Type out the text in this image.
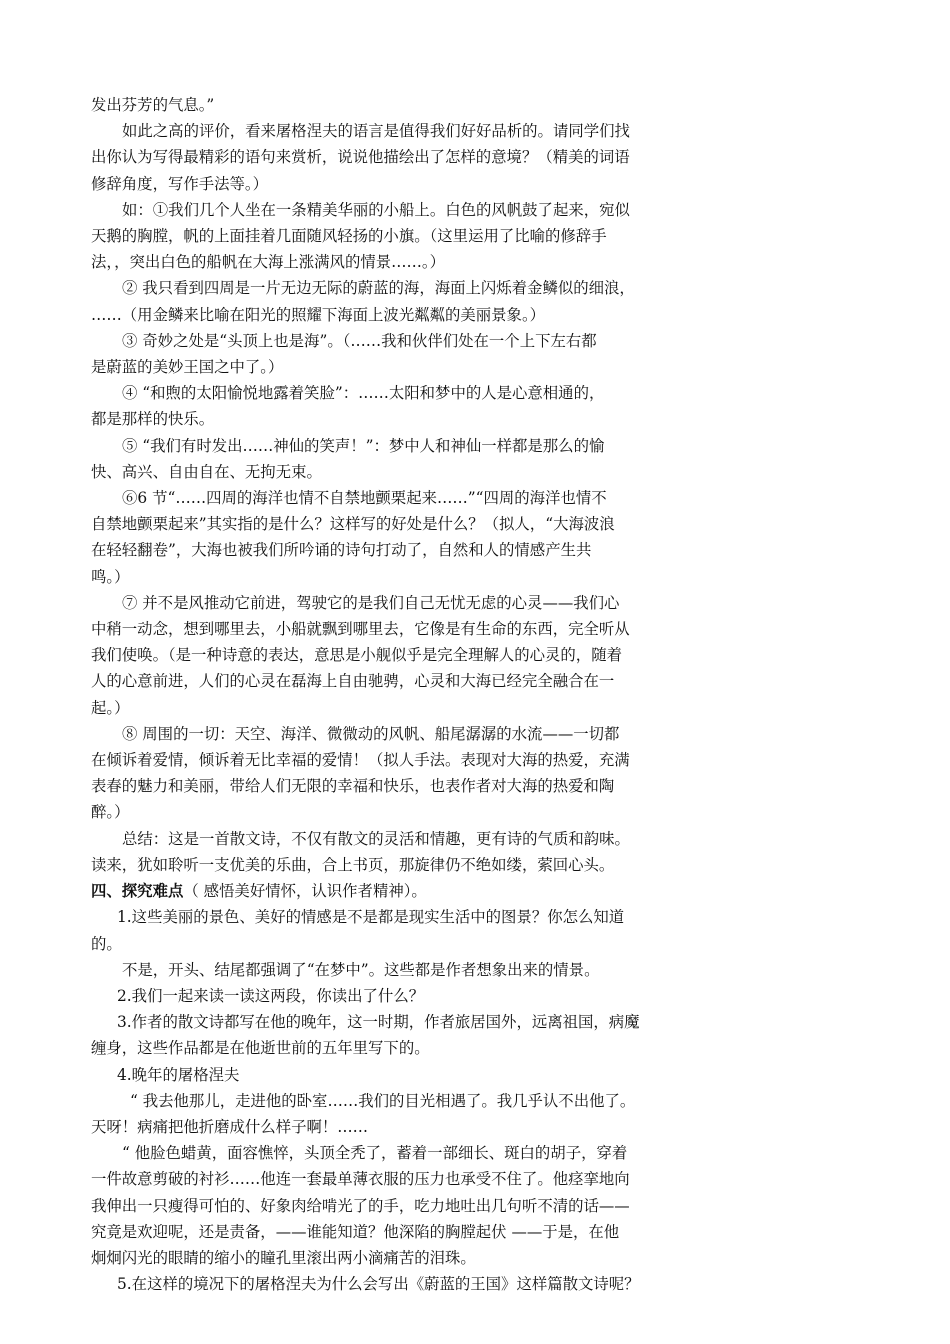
发出芬芳的气息。”

如此之高的评价，看来屠格涅夫的语言是值得我们好好品析的。请同学们找
出你认为写得最精彩的语句来赏析，说说他描绘出了怎样的意境？（精美的词语
修辞角度，写作手法等。）

如：①我们几个人坐在一条精美华丽的小船上。白色的风帆鼓了起来，宛似
天鹅的胸膛，帆的上面挂着几面随风轻扬的小旗。（这里运用了比喻的修辞手
法，，突出白色的船帆在大海上涨满风的情景……。）

② 我只看到四周是一片无边无际的蔚蓝的海，海面上闪烁着金鳞似的细浪，
……（用金鳞来比喻在阳光的照耀下海面上波光粼粼的美丽景象。）

③ 奇妙之处是“头顶上也是海”。（……我和伙伴们处在一个上下左右都
是蔚蓝的美妙王国之中了。）

④ “和煦的太阳愉悦地露着笑脸”：……太阳和梦中的人是心意相通的，
都是那样的快乐。

⑤ “我们有时发出……神仙的笑声！”：梦中人和神仙一样都是那么的愉
快、高兴、自由自在、无拘无束。

⑥6 节“……四周的海洋也情不自禁地颤栗起来……”“四周的海洋也情不
自禁地颤栗起来”其实指的是什么？这样写的好处是什么？（拟人，“大海波浪
在轻轻翻卷”，大海也被我们所吟诵的诗句打动了，自然和人的情感产生共
鸣。）

⑦ 并不是风推动它前进，驾驶它的是我们自己无忧无虑的心灵——我们心
中稍一动念，想到哪里去，小船就飘到哪里去，它像是有生命的东西，完全听从
我们使唤。（是一种诗意的表达，意思是小舰似乎是完全理解人的心灵的，随着
人的心意前进，人们的心灵在磊海上自由驰骋，心灵和大海已经完全融合在一
起。）

⑧ 周围的一切：天空、海洋、微微动的风帆、船尾潺潺的水流——一切都
在倾诉着爱情，倾诉着无比幸福的爱情！（拟人手法。表现对大海的热爱，充满
表春的魅力和美丽，带给人们无限的幸福和快乐，也表作者对大海的热爱和陶
醉。）

总结：这是一首散文诗，不仅有散文的灵活和情趣，更有诗的气质和韵味。
读来，犹如聆听一支优美的乐曲，合上书页，那旋律仍不绝如缕，萦回心头。

四、探究难点（ 感悟美好情怀，认识作者精神）。

1.这些美丽的景色、美好的情感是不是都是现实生活中的图景？你怎么知道
的。

不是，开头、结尾都强调了“在梦中”。这些都是作者想象出来的情景。

2.我们一起来读一读这两段，你读出了什么？

3.作者的散文诗都写在他的晚年，这一时期，作者旅居国外，远离祖国，病魔
缠身，这些作品都是在他逝世前的五年里写下的。

4.晚年的屠格涅夫

“ 我去他那儿，走进他的卧室……我们的目光相遇了。我几乎认不出他了。
天呀！病痛把他折磨成什么样子啊！……

“ 他脸色蜡黄，面容憔悴，头顶全秃了，蓄着一部细长、斑白的胡子，穿着
一件故意剪破的衬衫……他连一套最单薄衣服的压力也承受不住了。他痉挛地向
我伸出一只瘦得可怕的、好象肉给啃光了的手，吃力地吐出几句听不清的话——
究竟是欢迎呢，还是责备，——谁能知道？他深陷的胸膛起伏 ——于是，在他
炯炯闪光的眼睛的缩小的瞳孔里滚出两小滴痛苦的泪珠。

5.在这样的境况下的屠格涅夫为什么会写出《蔚蓝的王国》这样篇散文诗呢？
